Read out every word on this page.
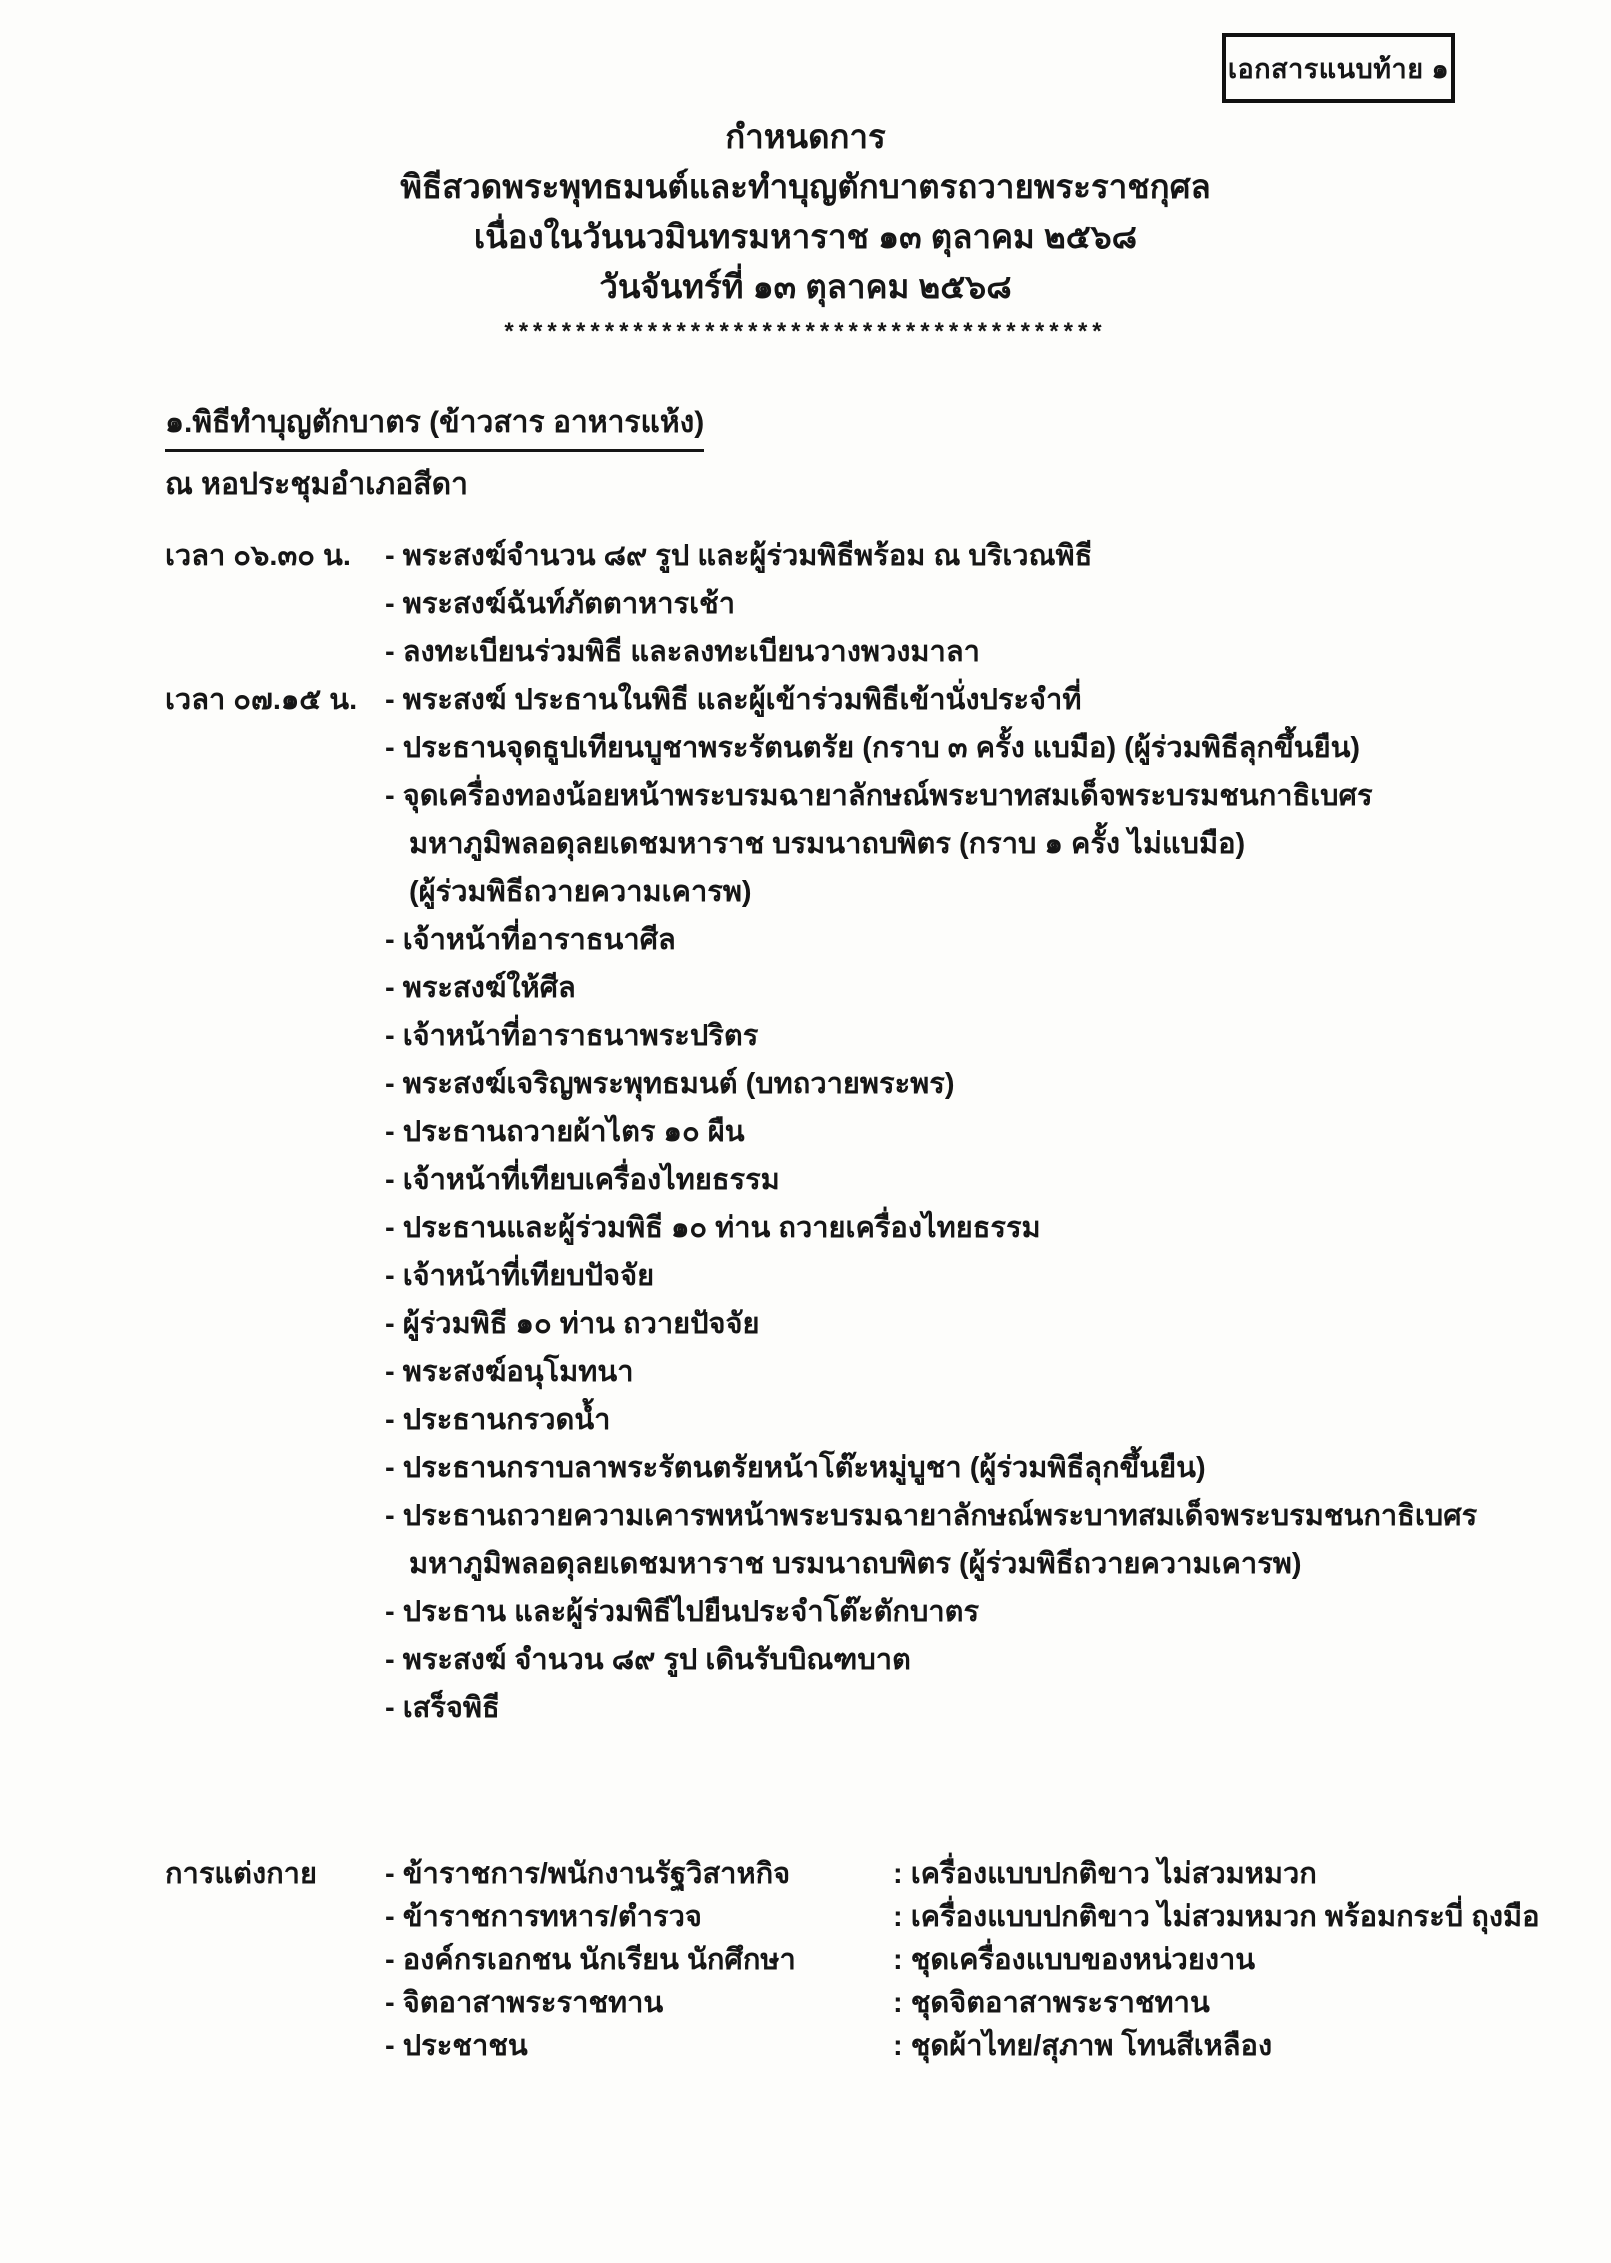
เอกสารแนบท้าย ๑
กำหนดการ
พิธีสวดพระพุทธมนต์และทำบุญตักบาตรถวายพระราชกุศล
เนื่องในวันนวมินทรมหาราช ๑๓ ตุลาคม ๒๕๖๘
วันจันทร์ที่ ๑๓ ตุลาคม ๒๕๖๘
******************************************
๑.พิธีทำบุญตักบาตร (ข้าวสาร อาหารแห้ง)
ณ หอประชุมอำเภอสีดา
เวลา ๐๖.๓๐ น.	- พระสงฆ์จำนวน ๘๙ รูป และผู้ร่วมพิธีพร้อม ณ บริเวณพิธี
- พระสงฆ์ฉันท์ภัตตาหารเช้า
- ลงทะเบียนร่วมพิธี และลงทะเบียนวางพวงมาลา
เวลา ๐๗.๑๕ น. - พระสงฆ์ ประธานในพิธี และผู้เข้าร่วมพิธีเข้านั่งประจำที่
- ประธานจุดธูปเทียนบูชาพระรัตนตรัย (กราบ ๓ ครั้ง แบมือ) (ผู้ร่วมพิธีลุกขึ้นยืน)
- จุดเครื่องทองน้อยหน้าพระบรมฉายาลักษณ์พระบาทสมเด็จพระบรมชนกาธิเบศร
มหาภูมิพลอดุลยเดชมหาราช บรมนาถบพิตร (กราบ ๑ ครั้ง ไม่แบมือ)
(ผู้ร่วมพิธีถวายความเคารพ)
- เจ้าหน้าที่อาราธนาศีล
- พระสงฆ์ให้ศีล
- เจ้าหน้าที่อาราธนาพระปริตร
- พระสงฆ์เจริญพระพุทธมนต์ (บทถวายพระพร)
- ประธานถวายผ้าไตร ๑๐ ผืน
- เจ้าหน้าที่เทียบเครื่องไทยธรรม
- ประธานและผู้ร่วมพิธี ๑๐ ท่าน ถวายเครื่องไทยธรรม
- เจ้าหน้าที่เทียบปัจจัย
- ผู้ร่วมพิธี ๑๐ ท่าน ถวายปัจจัย
- พระสงฆ์อนุโมทนา
- ประธานกรวดน้ำ
- ประธานกราบลาพระรัตนตรัยหน้าโต๊ะหมู่บูชา (ผู้ร่วมพิธีลุกขึ้นยืน)
- ประธานถวายความเคารพหน้าพระบรมฉายาลักษณ์พระบาทสมเด็จพระบรมชนกาธิเบศร
มหาภูมิพลอดุลยเดชมหาราช บรมนาถบพิตร (ผู้ร่วมพิธีถวายความเคารพ)
- ประธาน และผู้ร่วมพิธีไปยืนประจำโต๊ะตักบาตร
- พระสงฆ์ จำนวน ๘๙ รูป เดินรับบิณฑบาต
- เสร็จพิธี
การแต่งกาย	- ข้าราชการ/พนักงานรัฐวิสาหกิจ	: เครื่องแบบปกติขาว ไม่สวมหมวก
- ข้าราชการทหาร/ตำรวจ	: เครื่องแบบปกติขาว ไม่สวมหมวก พร้อมกระบี่ ถุงมือ
- องค์กรเอกชน นักเรียน นักศึกษา	: ชุดเครื่องแบบของหน่วยงาน
- จิตอาสาพระราชทาน	: ชุดจิตอาสาพระราชทาน
- ประชาชน	: ชุดผ้าไทย/สุภาพ โทนสีเหลือง
